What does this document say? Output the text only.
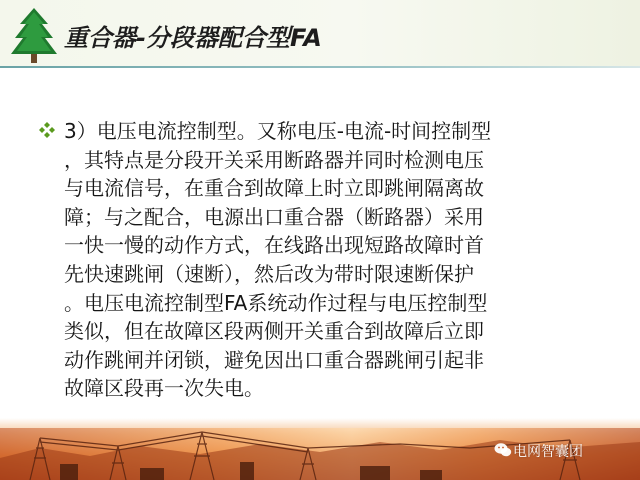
重合器-分段器配合型FA
3）电压电流控制型。又称电压-电流-时间控制型
，其特点是分段开关采用断路器并同时检测电压
与电流信号，在重合到故障上时立即跳闸隔离故
障；与之配合，电源出口重合器（断路器）采用
一快一慢的动作方式，在线路出现短路故障时首
先快速跳闸（速断），然后改为带时限速断保护
。电压电流控制型FA系统动作过程与电压控制型
类似，但在故障区段两侧开关重合到故障后立即
动作跳闸并闭锁，避免因出口重合器跳闸引起非
故障区段再一次失电。
电网智囊团
